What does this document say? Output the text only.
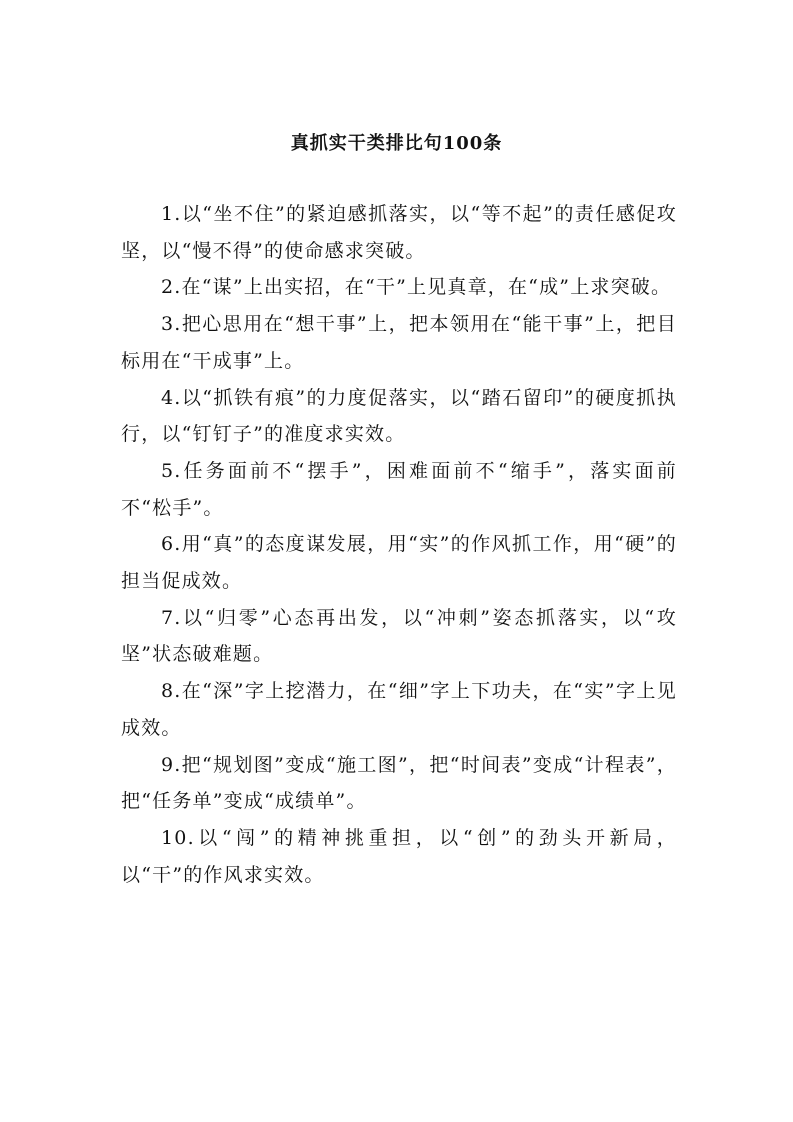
真抓实干类排比句100条

1.以“坐不住”的紧迫感抓落实，以“等不起”的责任感促攻坚，以“慢不得”的使命感求突破。

2.在“谋”上出实招，在“干”上见真章，在“成”上求突破。

3.把心思用在“想干事”上，把本领用在“能干事”上，把目标用在“干成事”上。

4.以“抓铁有痕”的力度促落实，以“踏石留印”的硬度抓执行，以“钉钉子”的准度求实效。

5.任务面前不“摆手”，困难面前不“缩手”，落实面前不“松手”。

6.用“真”的态度谋发展，用“实”的作风抓工作，用“硬”的担当促成效。

7.以“归零”心态再出发，以“冲刺”姿态抓落实，以“攻坚”状态破难题。

8.在“深”字上挖潜力，在“细”字上下功夫，在“实”字上见成效。

9.把“规划图”变成“施工图”，把“时间表”变成“计程表”，把“任务单”变成“成绩单”。

10.以“闯”的精神挑重担，以“创”的劲头开新局，以“干”的作风求实效。
